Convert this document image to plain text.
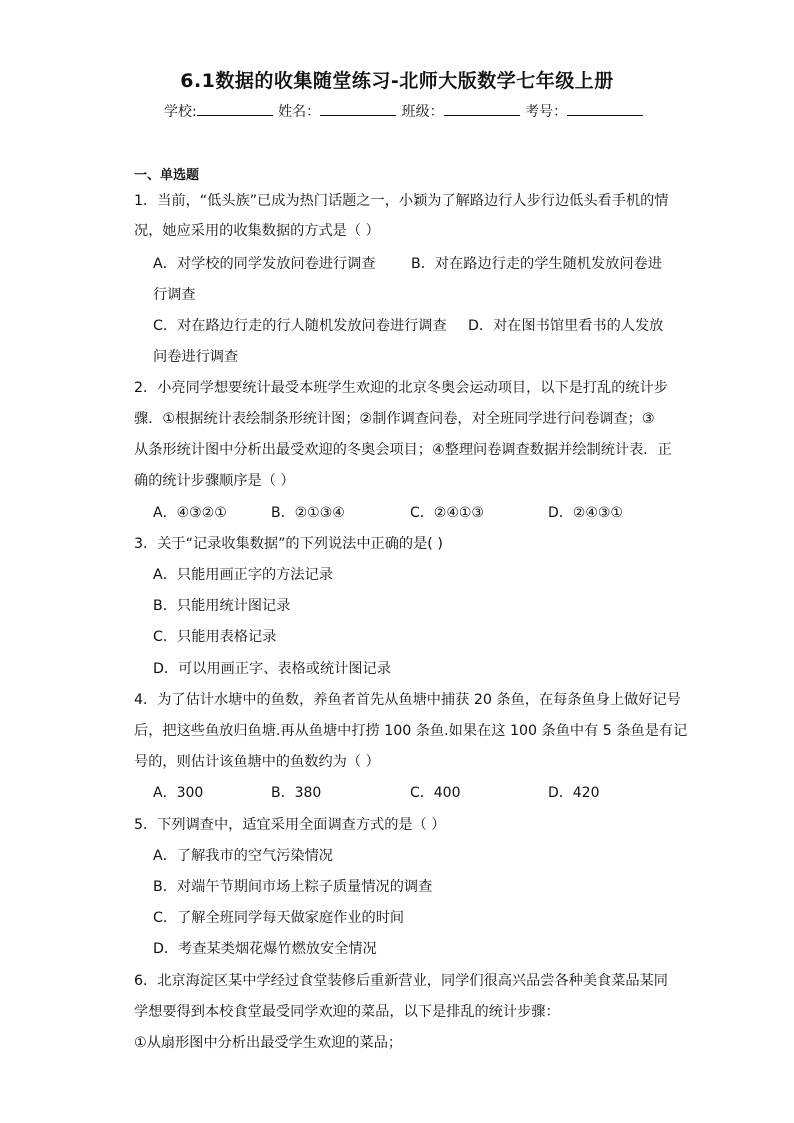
6.1数据的收集随堂练习-北师大版数学七年级上册
学校:	姓名：	班级：	考号：
一、单选题
1．当前，“低头族”已成为热门话题之一，小颖为了解路边行人步行边低头看手机的情
况，她应采用的收集数据的方式是（ ）
A．对学校的同学发放问卷进行调查 B．对在路边行走的学生随机发放问卷进
行调查
C．对在路边行走的行人随机发放问卷进行调查 D．对在图书馆里看书的人发放
问卷进行调查
2．小亮同学想要统计最受本班学生欢迎的北京冬奥会运动项目，以下是打乱的统计步
骤．①根据统计表绘制条形统计图；②制作调查问卷，对全班同学进行问卷调查；③
从条形统计图中分析出最受欢迎的冬奥会项目；④整理问卷调查数据并绘制统计表．正
确的统计步骤顺序是（ ）
A．④③②①	B．②①③④	C．②④①③	D．②④③①
3．关于“记录收集数据”的下列说法中正确的是( )
A．只能用画正字的方法记录
B．只能用统计图记录
C．只能用表格记录
D．可以用画正字、表格或统计图记录
4．为了估计水塘中的鱼数，养鱼者首先从鱼塘中捕获 20 条鱼，在每条鱼身上做好记号
后，把这些鱼放归鱼塘.再从鱼塘中打捞 100 条鱼.如果在这 100 条鱼中有 5 条鱼是有记
号的，则估计该鱼塘中的鱼数约为（ ）
A．300	B．380	C．400	D．420
5．下列调查中，适宜采用全面调查方式的是（ ）
A．了解我市的空气污染情况
B．对端午节期间市场上粽子质量情况的调查
C．了解全班同学每天做家庭作业的时间
D．考查某类烟花爆竹燃放安全情况
6．北京海淀区某中学经过食堂装修后重新营业，同学们很高兴品尝各种美食菜品某同
学想要得到本校食堂最受同学欢迎的菜品，以下是排乱的统计步骤：
①从扇形图中分析出最受学生欢迎的菜品；
